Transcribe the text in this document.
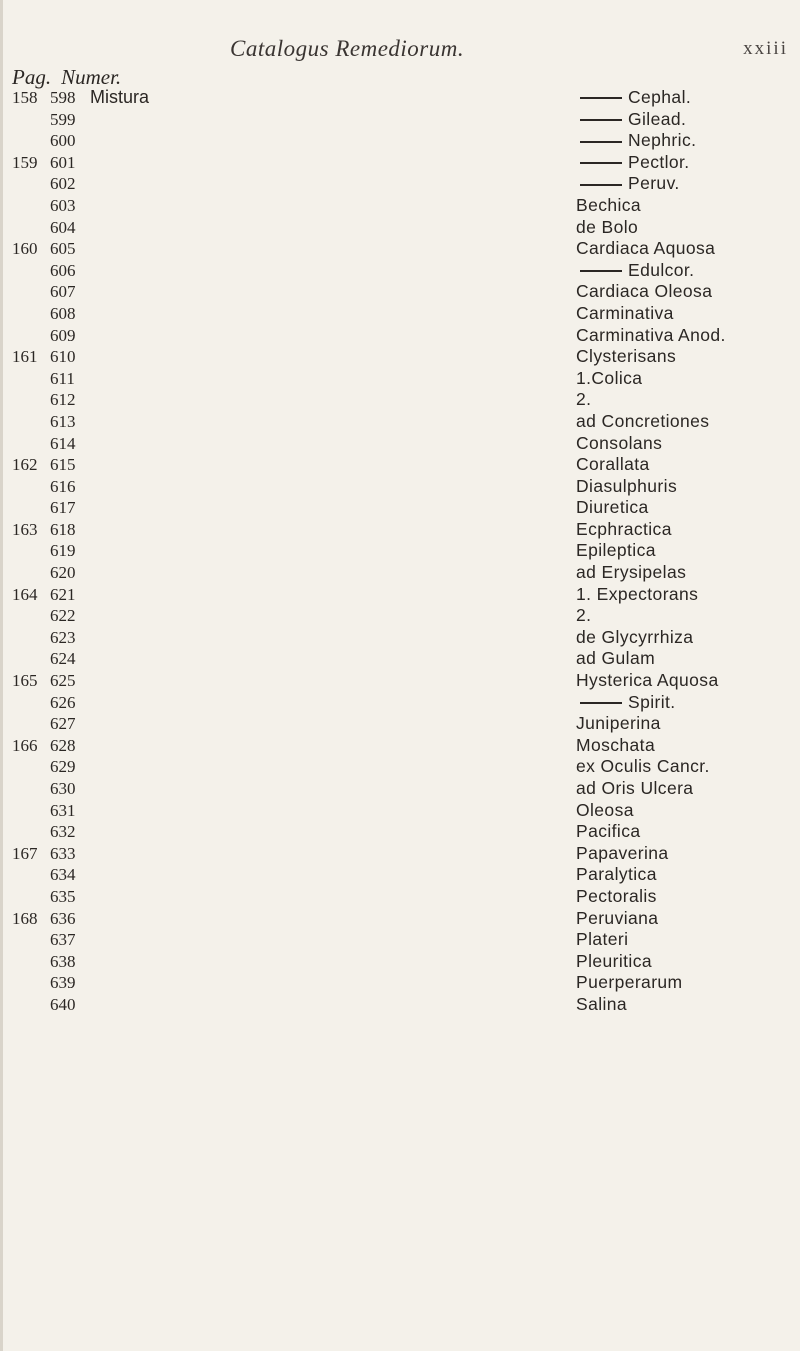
Catalogus Remediorum.	xxiii
Pag. Numer.
158 598 Mistura	Cephal.
599	Gilead.
600	Nephric.
159 601	Pectlor.
602	Peruv.
603	Bechica
604	de Bolo
160 605	Cardiaca Aquosa
606	Edulcor.
607	Cardiaca Oleosa
608	Carminativa
609	Carminativa Anod.
161 610	Clysterisans
611	1.Colica
612	2.
613	ad Concretiones
614	Consolans
162 615	Corallata
616	Diasulphuris
617	Diuretica
163 618	Ecphractica
619	Epileptica
620	ad Erysipelas
164 621	1. Expectorans
622	2.
623	de Glycyrrhiza
624	ad Gulam
165 625	Hysterica Aquosa
626	Spirit.
627	Juniperina
166 628	Moschata
629	ex Oculis Cancr.
630	ad Oris Ulcera
631	Oleosa
632	Pacifica
167 633	Papaverina
634	Paralytica
635	Pectoralis
168 636	Peruviana
637	Plateri
638	Pleuritica
639	Puerperarum
640	Salina
